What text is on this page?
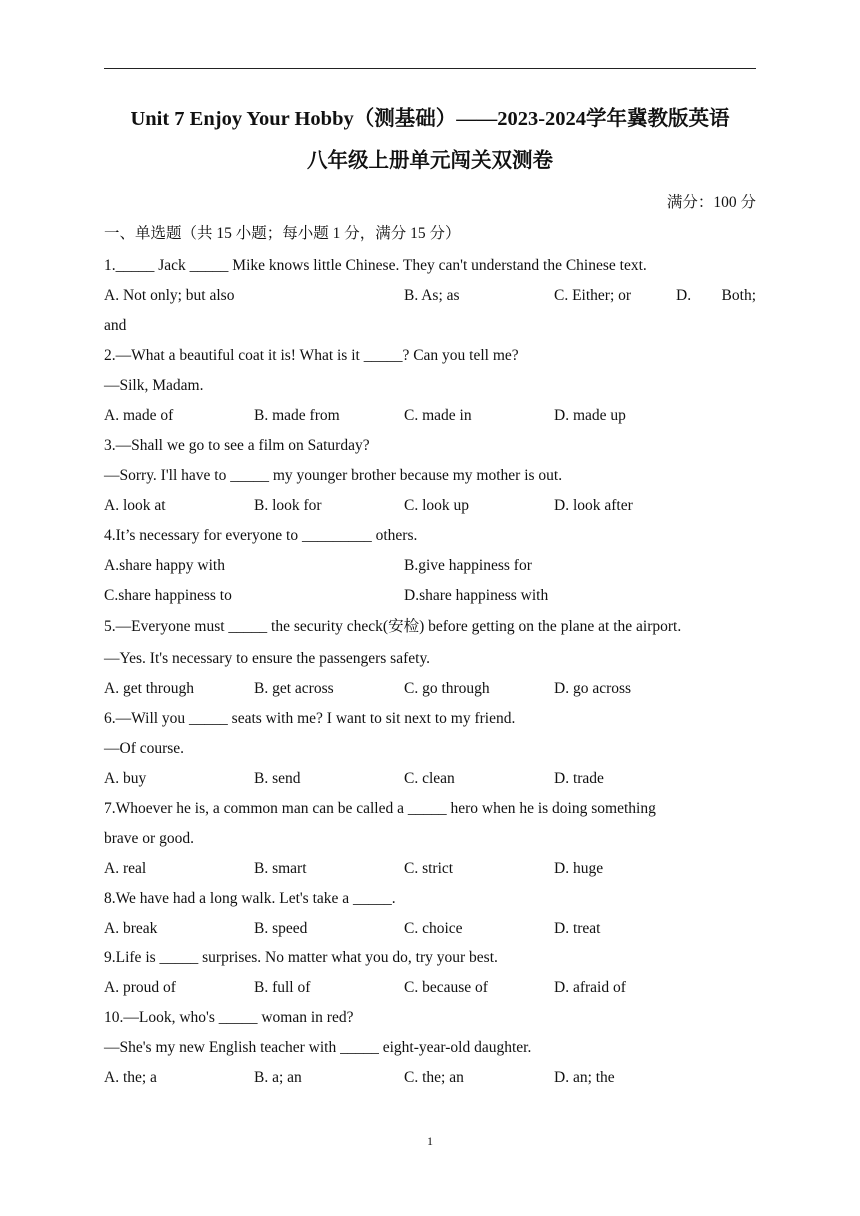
Unit 7 Enjoy Your Hobby（测基础）——2023-2024学年冀教版英语
八年级上册单元闯关双测卷
满分：100 分
一、单选题（共 15 小题；每小题 1 分，满分 15 分）
1._____ Jack _____ Mike knows little Chinese. They can't understand the Chinese text.
A. Not only; but also	B. As; as	C. Either; or	D. Both;
and
2.—What a beautiful coat it is! What is it _____? Can you tell me?
—Silk, Madam.
A. made of	B. made from	C. made in	D. made up
3.—Shall we go to see a film on Saturday?
—Sorry. I'll have to _____ my younger brother because my mother is out.
A. look at	B. look for	C. look up	D. look after
4.It’s necessary for everyone to _________ others.
A.share happy with	B.give happiness for
C.share happiness to	D.share happiness with
5.—Everyone must _____ the security check(安检) before getting on the plane at the airport.
—Yes. It's necessary to ensure the passengers safety.
A. get through	B. get across	C. go through	D. go across
6.—Will you _____ seats with me? I want to sit next to my friend.
—Of course.
A. buy	B. send	C. clean	D. trade
7.Whoever he is, a common man can be called a _____ hero when he is doing something
brave or good.
A. real	B. smart	C. strict	D. huge
8.We have had a long walk. Let's take a _____.
A. break	B. speed	C. choice	D. treat
9.Life is _____ surprises. No matter what you do, try your best.
A. proud of	B. full of	C. because of	D. afraid of
10.—Look, who's _____ woman in red?
—She's my new English teacher with _____ eight-year-old daughter.
A. the; a	B. a; an	C. the; an	D. an; the
1
